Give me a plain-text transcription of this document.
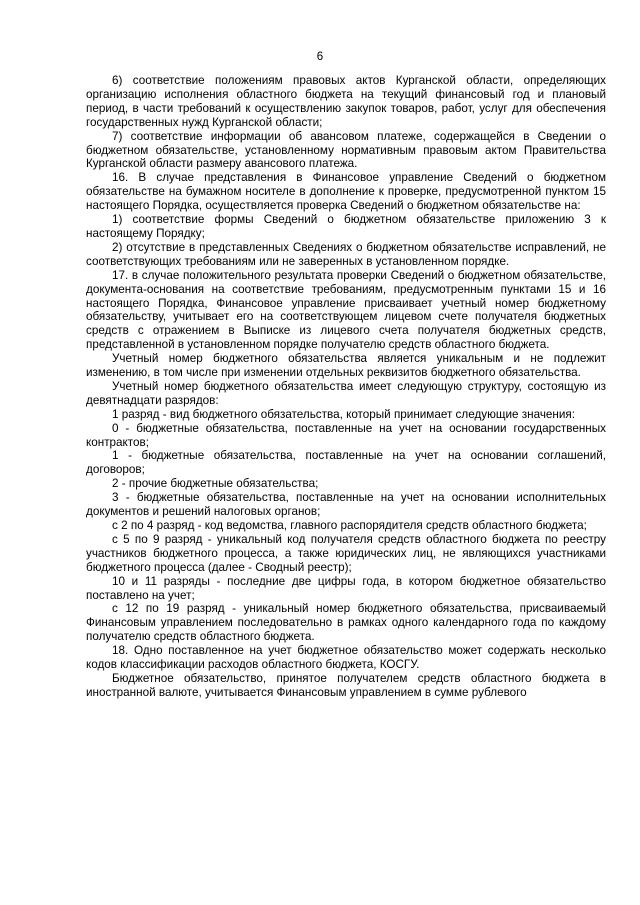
6

6) соответствие положениям правовых актов Курганской области, определяющих организацию исполнения областного бюджета на текущий финансовый год и плановый период, в части требований к осуществлению закупок товаров, работ, услуг для обеспечения государственных нужд Курганской области;

7) соответствие информации об авансовом платеже, содержащейся в Сведении о бюджетном обязательстве, установленному нормативным правовым актом Правительства Курганской области размеру авансового платежа.

16. В случае представления в Финансовое управление Сведений о бюджетном обязательстве на бумажном носителе в дополнение к проверке, предусмотренной пунктом 15 настоящего Порядка, осуществляется проверка Сведений о бюджетном обязательстве на:

1) соответствие формы Сведений о бюджетном обязательстве приложению 3 к настоящему Порядку;

2) отсутствие в представленных Сведениях о бюджетном обязательстве исправлений, не соответствующих требованиям или не заверенных в установленном порядке.

17. в случае положительного результата проверки Сведений о бюджетном обязательстве, документа-основания на соответствие требованиям, предусмотренным пунктами 15 и 16 настоящего Порядка, Финансовое управление присваивает учетный номер бюджетному обязательству, учитывает его на соответствующем лицевом счете получателя бюджетных средств с отражением в Выписке из лицевого счета получателя бюджетных средств, представленной в установленном порядке получателю средств областного бюджета.

Учетный номер бюджетного обязательства является уникальным и не подлежит изменению, в том числе при изменении отдельных реквизитов бюджетного обязательства.

Учетный номер бюджетного обязательства имеет следующую структуру, состоящую из девятнадцати разрядов:

1 разряд - вид бюджетного обязательства, который принимает следующие значения:

0 - бюджетные обязательства, поставленные на учет на основании государственных контрактов;

1 - бюджетные обязательства, поставленные на учет на основании соглашений, договоров;

2 - прочие бюджетные обязательства;

3 - бюджетные обязательства, поставленные на учет на основании исполнительных документов и решений налоговых органов;

с 2 по 4 разряд - код ведомства, главного распорядителя средств областного бюджета;

с 5 по 9 разряд - уникальный код получателя средств областного бюджета по реестру участников бюджетного процесса, а также юридических лиц, не являющихся участниками бюджетного процесса (далее - Сводный реестр);

10 и 11 разряды - последние две цифры года, в котором бюджетное обязательство поставлено на учет;

с 12 по 19 разряд - уникальный номер бюджетного обязательства, присваиваемый Финансовым управлением последовательно в рамках одного календарного года по каждому получателю средств областного бюджета.

18. Одно поставленное на учет бюджетное обязательство может содержать несколько кодов классификации расходов областного бюджета, КОСГУ.

Бюджетное обязательство, принятое получателем средств областного бюджета в иностранной валюте, учитывается Финансовым управлением в сумме рублевого
